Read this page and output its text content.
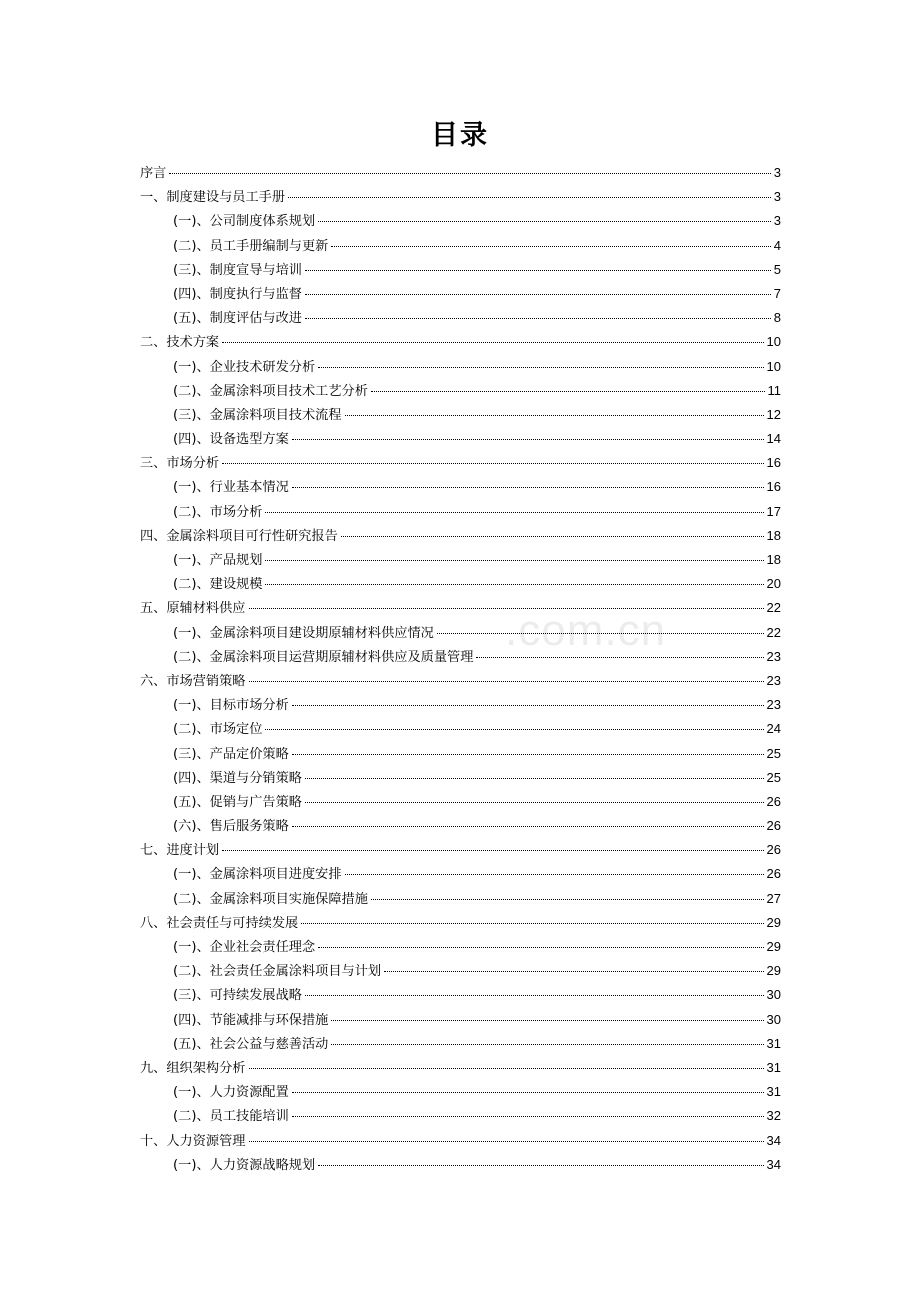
目录
.com.cn
序言	3
一、制度建设与员工手册	3
(一)、公司制度体系规划	3
(二)、员工手册编制与更新	4
(三)、制度宣导与培训	5
(四)、制度执行与监督	7
(五)、制度评估与改进	8
二、技术方案	10
(一)、企业技术研发分析	10
(二)、金属涂料项目技术工艺分析	11
(三)、金属涂料项目技术流程	12
(四)、设备选型方案	14
三、市场分析	16
(一)、行业基本情况	16
(二)、市场分析	17
四、金属涂料项目可行性研究报告	18
(一)、产品规划	18
(二)、建设规模	20
五、原辅材料供应	22
(一)、金属涂料项目建设期原辅材料供应情况	22
(二)、金属涂料项目运营期原辅材料供应及质量管理	23
六、市场营销策略	23
(一)、目标市场分析	23
(二)、市场定位	24
(三)、产品定价策略	25
(四)、渠道与分销策略	25
(五)、促销与广告策略	26
(六)、售后服务策略	26
七、进度计划	26
(一)、金属涂料项目进度安排	26
(二)、金属涂料项目实施保障措施	27
八、社会责任与可持续发展	29
(一)、企业社会责任理念	29
(二)、社会责任金属涂料项目与计划	29
(三)、可持续发展战略	30
(四)、节能减排与环保措施	30
(五)、社会公益与慈善活动	31
九、组织架构分析	31
(一)、人力资源配置	31
(二)、员工技能培训	32
十、人力资源管理	34
(一)、人力资源战略规划	34
